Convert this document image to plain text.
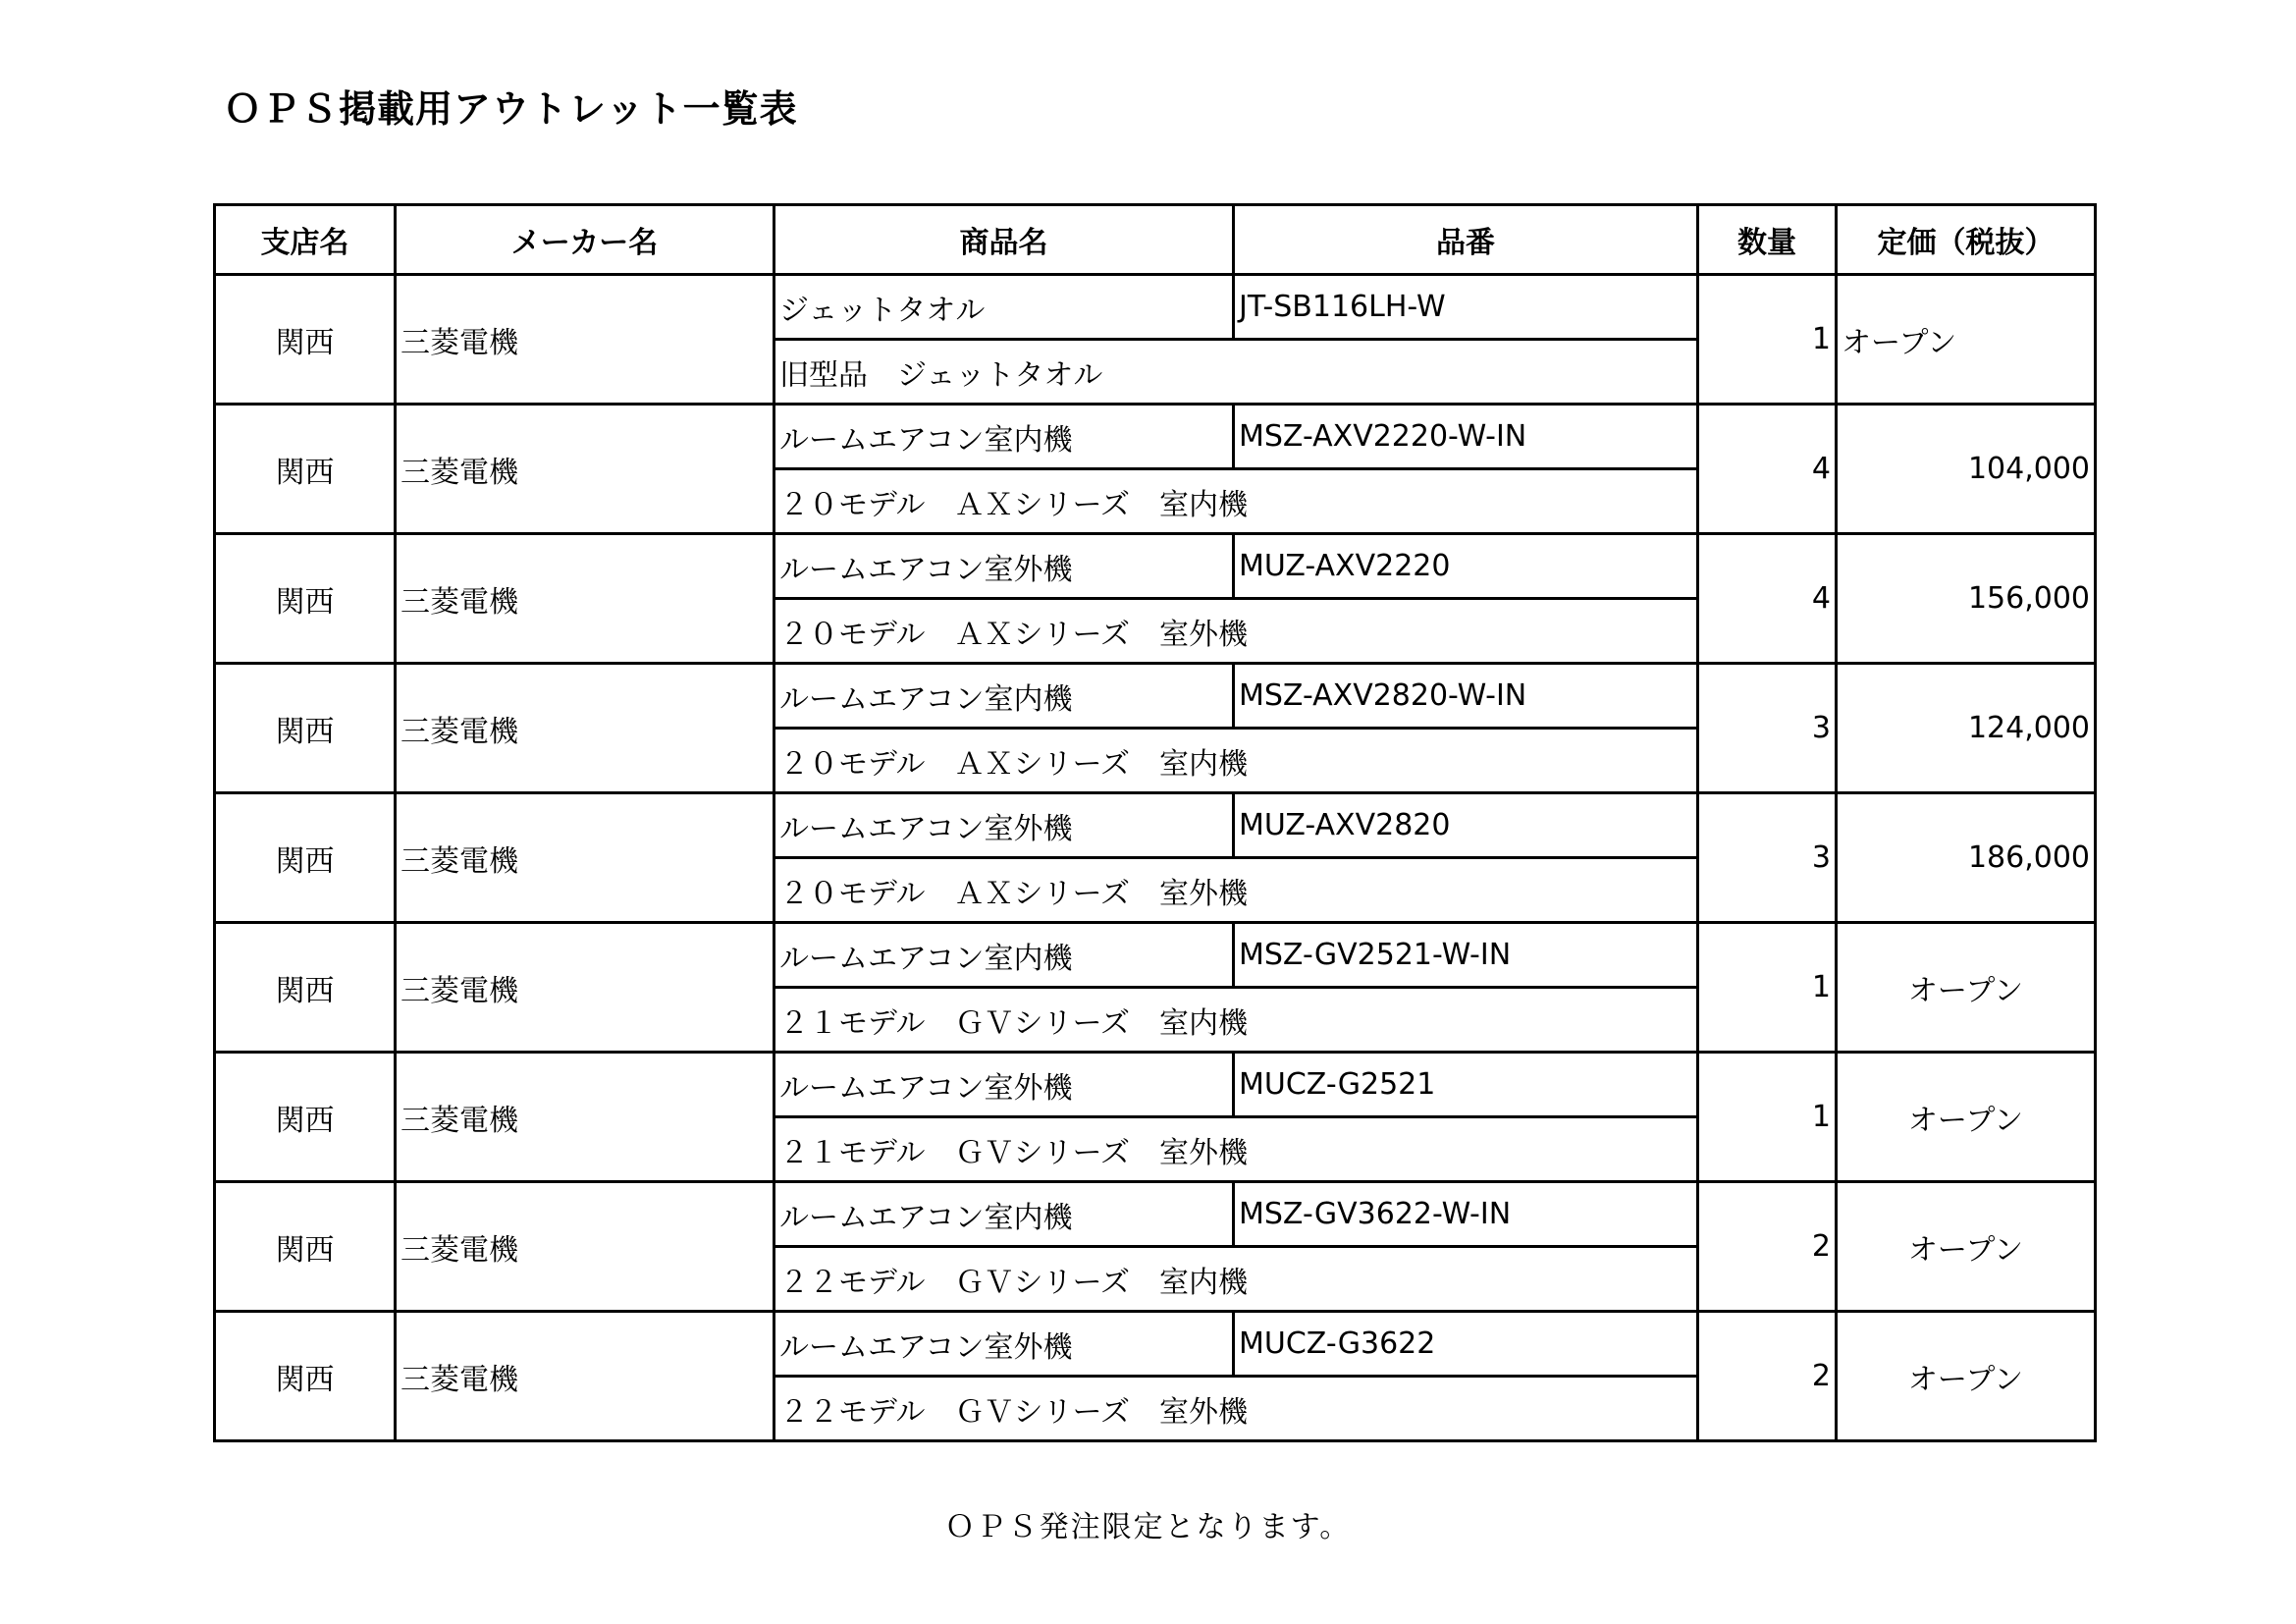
ＯＰＳ掲載用アウトレット一覧表
支店名	メーカー名	商品名	品番	数量	定価（税抜）
関西	三菱電機	ジェットタオル	JT-SB116LH-W	1	オープン
		旧型品　ジェットタオル			
関西	三菱電機	ルームエアコン室内機	MSZ-AXV2220-W-IN	4	104,000
		２０モデル　ＡＸシリーズ　室内機			
関西	三菱電機	ルームエアコン室外機	MUZ-AXV2220	4	156,000
		２０モデル　ＡＸシリーズ　室外機			
関西	三菱電機	ルームエアコン室内機	MSZ-AXV2820-W-IN	3	124,000
		２０モデル　ＡＸシリーズ　室内機			
関西	三菱電機	ルームエアコン室外機	MUZ-AXV2820	3	186,000
		２０モデル　ＡＸシリーズ　室外機			
関西	三菱電機	ルームエアコン室内機	MSZ-GV2521-W-IN	1	オープン
		２１モデル　ＧＶシリーズ　室内機			
関西	三菱電機	ルームエアコン室外機	MUCZ-G2521	1	オープン
		２１モデル　ＧＶシリーズ　室外機			
関西	三菱電機	ルームエアコン室内機	MSZ-GV3622-W-IN	2	オープン
		２２モデル　ＧＶシリーズ　室内機			
関西	三菱電機	ルームエアコン室外機	MUCZ-G3622	2	オープン
		２２モデル　ＧＶシリーズ　室外機			
ＯＰＳ発注限定となります。
